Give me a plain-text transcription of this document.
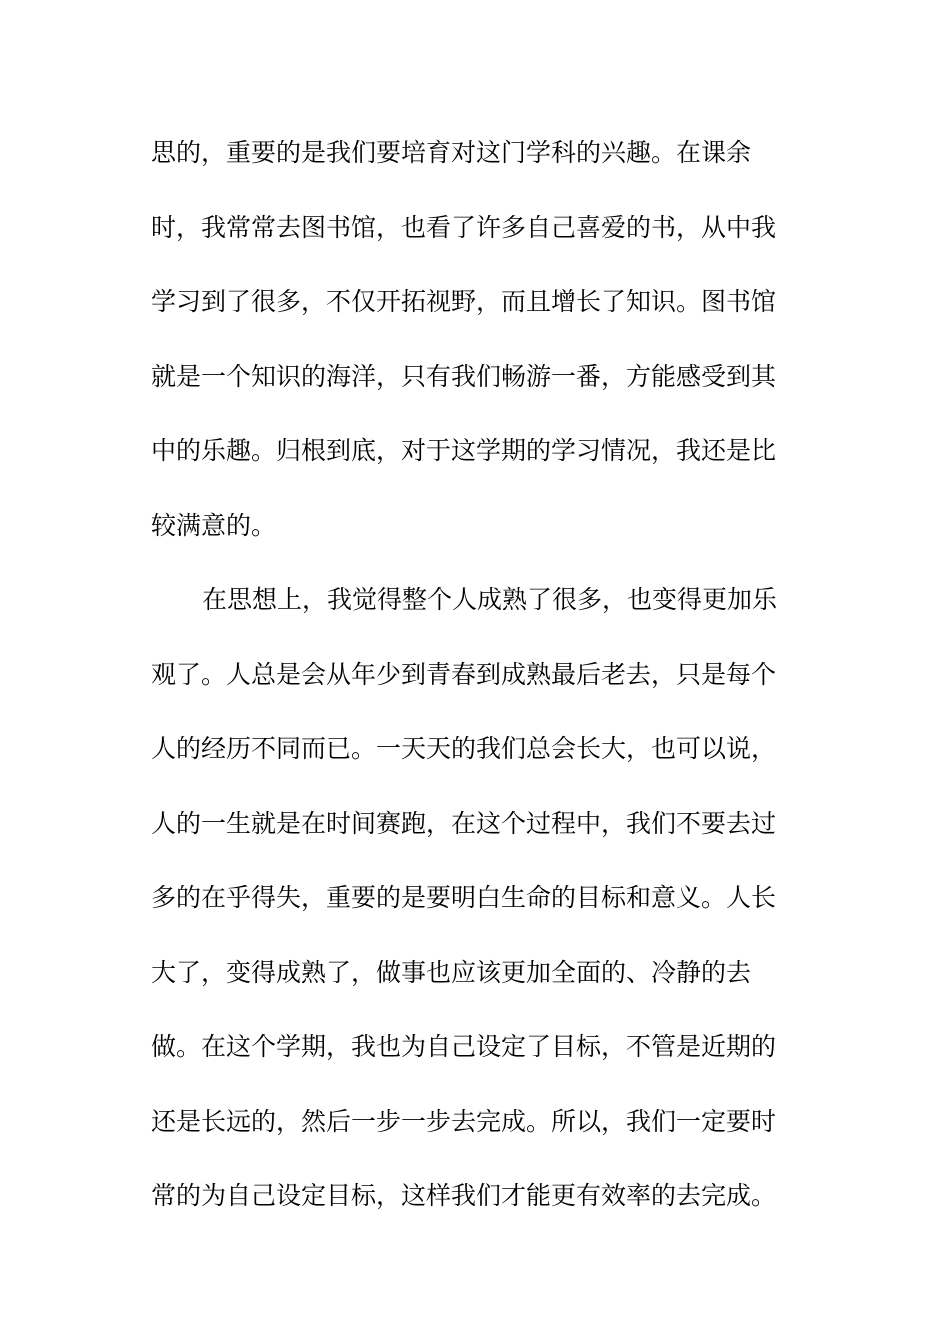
思的，重要的是我们要培育对这门学科的兴趣。在课余
时，我常常去图书馆，也看了许多自己喜爱的书，从中我
学习到了很多，不仅开拓视野，而且增长了知识。图书馆
就是一个知识的海洋，只有我们畅游一番，方能感受到其
中的乐趣。归根到底，对于这学期的学习情况，我还是比
较满意的。
在思想上，我觉得整个人成熟了很多，也变得更加乐
观了。人总是会从年少到青春到成熟最后老去，只是每个
人的经历不同而已。一天天的我们总会长大，也可以说，
人的一生就是在时间赛跑，在这个过程中，我们不要去过
多的在乎得失，重要的是要明白生命的目标和意义。人长
大了，变得成熟了，做事也应该更加全面的、冷静的去
做。在这个学期，我也为自己设定了目标，不管是近期的
还是长远的，然后一步一步去完成。所以，我们一定要时
常的为自己设定目标，这样我们才能更有效率的去完成。
